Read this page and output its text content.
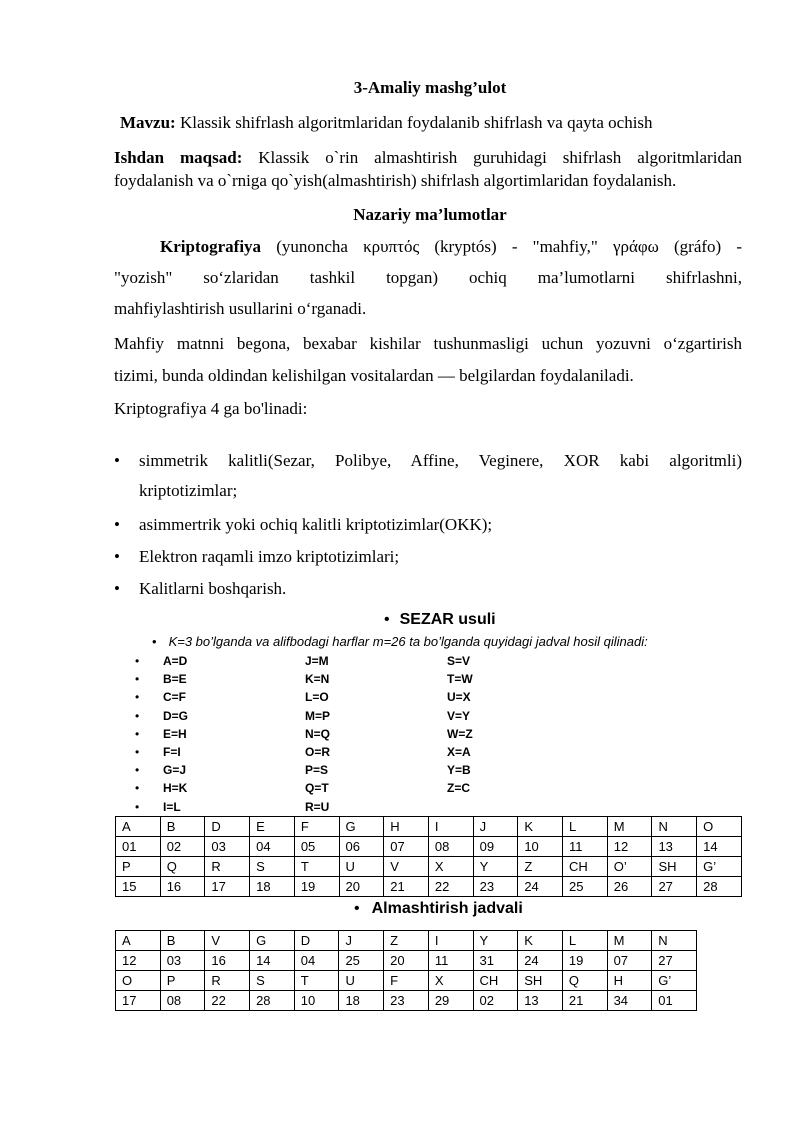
3-Amaliy mashg’ulot
Mavzu: Klassik shifrlash algoritmlaridan foydalanib shifrlash va qayta ochish
Ishdan maqsad: Klassik o`rin almashtirish guruhidagi shifrlash algoritmlaridan
foydalanish va o`rniga qo`yish(almashtirish) shifrlash algortimlaridan foydalanish.
Nazariy ma’lumotlar
Kriptografiya (yunoncha κρυπτός (kryptós) - "mahfiy," γράφω (gráfo) -
"yozish" so‘zlaridan tashkil topgan) ochiq ma’lumotlarni shifrlashni,
mahfiylashtirish usullarini o‘rganadi.
Mahfiy matnni begona, bexabar kishilar tushunmasligi uchun yozuvni o‘zgartirish
tizimi, bunda oldindan kelishilgan vositalardan — belgilardan foydalaniladi.
Kriptografiya 4 ga bo'linadi:
• simmetrik kalitli(Sezar, Polibye, Affine, Veginere, XOR kabi algoritmli)
kriptotizimlar;
• asimmertrik yoki ochiq kalitli kriptotizimlar(OKK);
• Elektron raqamli imzo kriptotizimlari;
• Kalitlarni boshqarish.
• SEZAR usuli
• K=3 bo’lganda va alifbodagi harflar m=26 ta bo’lganda quyidagi jadval hosil qilinadi:
• A=D
• B=E
• C=F
• D=G
• E=H
• F=I
• G=J
• H=K
• I=L
J=M
K=N
L=O
M=P
N=Q
O=R
P=S
Q=T
R=U
S=V
T=W
U=X
V=Y
W=Z
X=A
Y=B
Z=C
A	B	D	E	F	G	H	I	J	K	L	M	N	O
01	02	03	04	05	06	07	08	09	10	11	12	13	14
P	Q	R	S	T	U	V	X	Y	Z	CH	O’	SH	G’
15	16	17	18	19	20	21	22	23	24	25	26	27	28
• Almashtirish jadvali
A	B	V	G	D	J	Z	I	Y	K	L	M	N
12	03	16	14	04	25	20	11	31	24	19	07	27
O	P	R	S	T	U	F	X	CH	SH	Q	H	G’
17	08	22	28	10	18	23	29	02	13	21	34	01
